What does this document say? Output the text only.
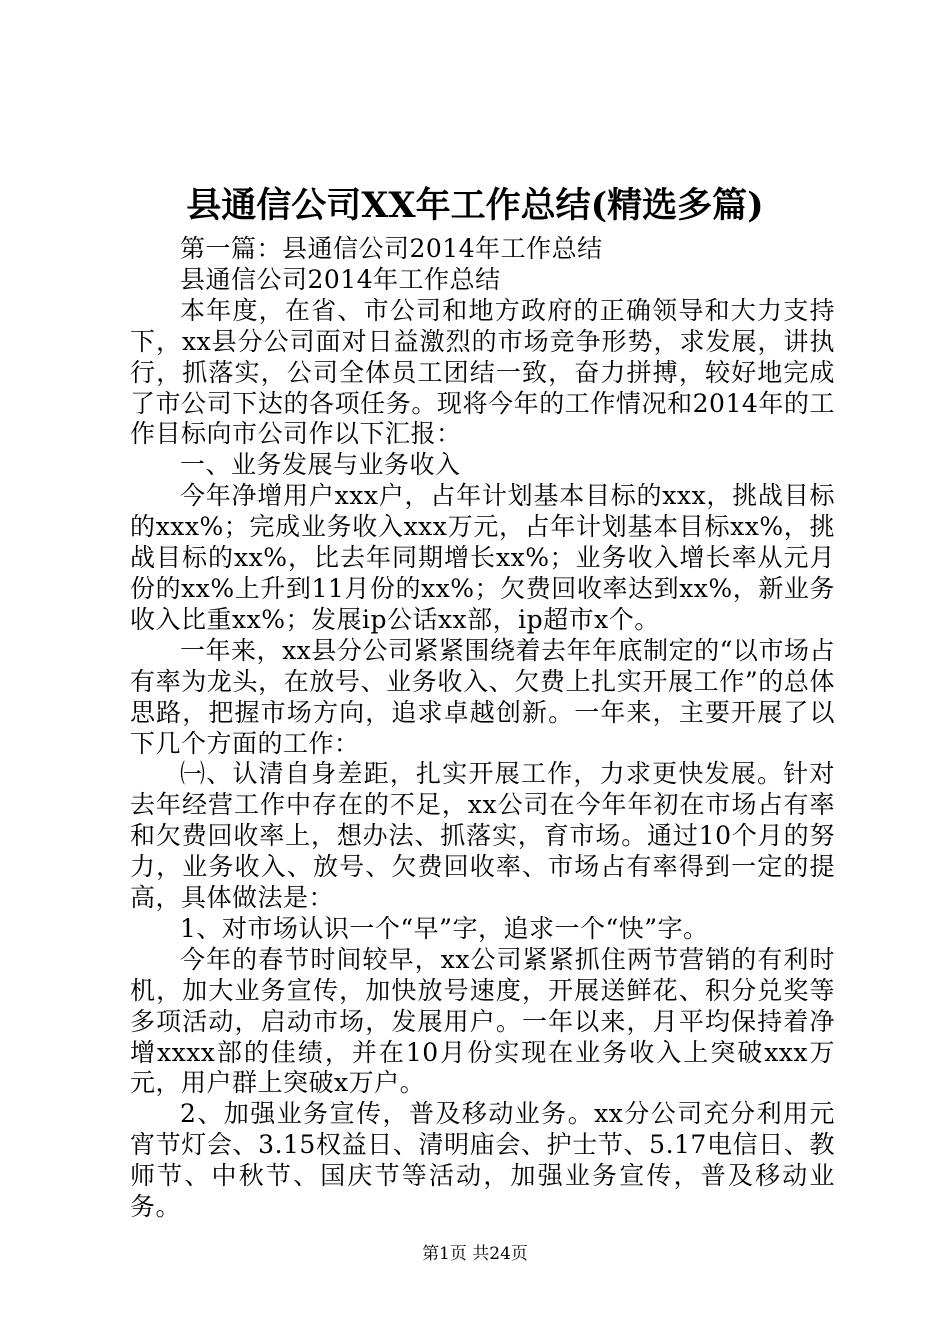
县通信公司XX年工作总结(精选多篇)

第一篇：县通信公司2014年工作总结

县通信公司2014年工作总结

本年度，在省、市公司和地方政府的正确领导和大力支持下，xx县分公司面对日益激烈的市场竞争形势，求发展，讲执行，抓落实，公司全体员工团结一致，奋力拼搏，较好地完成了市公司下达的各项任务。现将今年的工作情况和2014年的工作目标向市公司作以下汇报：

一、业务发展与业务收入

今年净增用户xxx户，占年计划基本目标的xxx，挑战目标的xxx%；完成业务收入xxx万元，占年计划基本目标xx%，挑战目标的xx%，比去年同期增长xx%；业务收入增长率从元月份的xx%上升到11月份的xx%；欠费回收率达到xx%，新业务收入比重xx%；发展ip公话xx部，ip超市x个。

一年来，xx县分公司紧紧围绕着去年年底制定的“以市场占有率为龙头，在放号、业务收入、欠费上扎实开展工作”的总体思路，把握市场方向，追求卓越创新。一年来，主要开展了以下几个方面的工作：

㈠、认清自身差距，扎实开展工作，力求更快发展。针对去年经营工作中存在的不足，xx公司在今年年初在市场占有率和欠费回收率上，想办法、抓落实，育市场。通过10个月的努力，业务收入、放号、欠费回收率、市场占有率得到一定的提高，具体做法是：

1、对市场认识一个“早”字，追求一个“快”字。

今年的春节时间较早，xx公司紧紧抓住两节营销的有利时机，加大业务宣传，加快放号速度，开展送鲜花、积分兑奖等多项活动，启动市场，发展用户。一年以来，月平均保持着净增xxxx部的佳绩，并在10月份实现在业务收入上突破xxx万元，用户群上突破x万户。

2、加强业务宣传，普及移动业务。xx分公司充分利用元宵节灯会、3.15权益日、清明庙会、护士节、5.17电信日、教师节、中秋节、国庆节等活动，加强业务宣传，普及移动业务。

第1页 共24页
